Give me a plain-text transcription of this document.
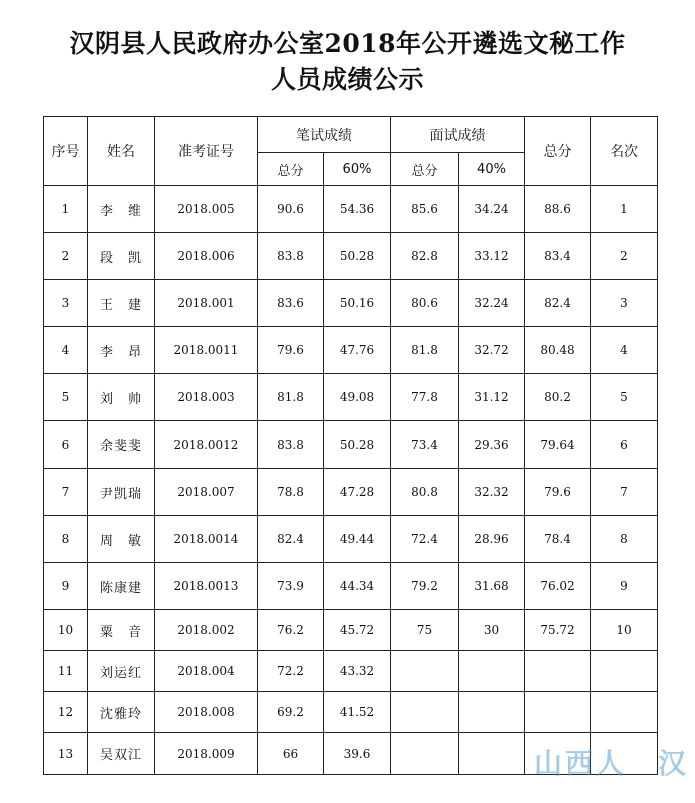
汉阴县人民政府办公室2018年公开遴选文秘工作
人员成绩公示
序号	姓名	准考证号	笔试成绩		面试成绩		总分	名次
			总分	60%	总分	40%		
1	李　维	2018.005	90.6	54.36	85.6	34.24	88.6	1
2	段　凯	2018.006	83.8	50.28	82.8	33.12	83.4	2
3	王　建	2018.001	83.6	50.16	80.6	32.24	82.4	3
4	李　昂	2018.0011	79.6	47.76	81.8	32.72	80.48	4
5	刘　帅	2018.003	81.8	49.08	77.8	31.12	80.2	5
6	余斐斐	2018.0012	83.8	50.28	73.4	29.36	79.64	6
7	尹凯瑞	2018.007	78.8	47.28	80.8	32.32	79.6	7
8	周　敏	2018.0014	82.4	49.44	72.4	28.96	78.4	8
9	陈康建	2018.0013	73.9	44.34	79.2	31.68	76.02	9
10	粟　音	2018.002	76.2	45.72	75	30	75.72	10
11	刘运红	2018.004	72.2	43.32				
12	沈雅玲	2018.008	69.2	41.52				
13	吴双江	2018.009	66	39.6					山西人　汉
